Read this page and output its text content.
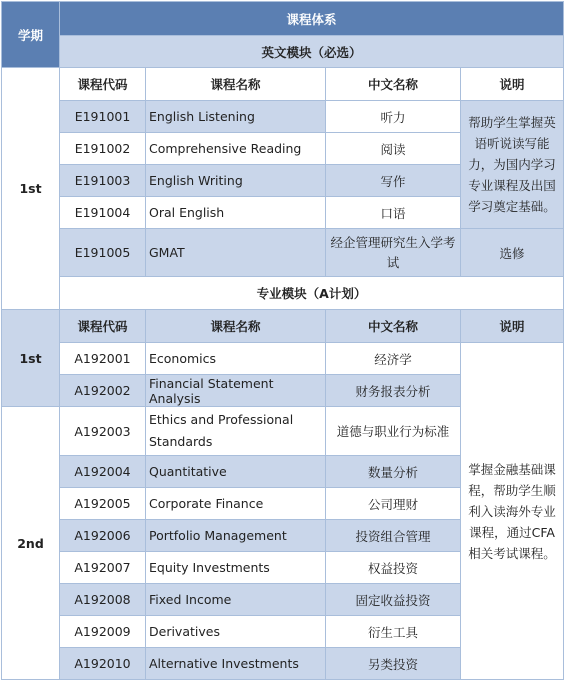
学期	课程体系			
	英文模块（必选）			
1st	课程代码	课程名称	中文名称	说明
	E191001	English Listening	听力	帮助学生掌握英语听说读写能力，为国内学习专业课程及出国学习奠定基础。
	E191002	Comprehensive Reading	阅读	
	E191003	English Writing	写作	
	E191004	Oral English	口语	
	E191005	GMAT	经企管理研究生入学考试	选修
	专业模块（A计划）			
1st	课程代码	课程名称	中文名称	说明
	A192001	Economics	经济学	掌握金融基础课程，帮助学生顺利入读海外专业课程，通过CFA相关考试课程。
	A192002	Financial Statement Analysis	财务报表分析	
2nd	A192003	Ethics and Professional Standards	道德与职业行为标准	
	A192004	Quantitative	数量分析	
	A192005	Corporate Finance	公司理财	
	A192006	Portfolio Management	投资组合管理	
	A192007	Equity Investments	权益投资	
	A192008	Fixed Income	固定收益投资	
	A192009	Derivatives	衍生工具	
	A192010	Alternative Investments	另类投资	
